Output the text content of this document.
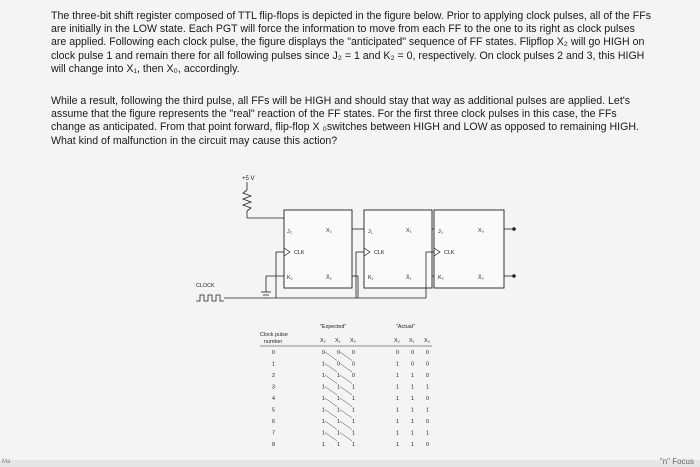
The three-bit shift register composed of TTL flip-flops is depicted in the figure below. Prior to applying clock pulses, all of the FFs are initially in the LOW state. Each PGT will force the information to move from each FF to the one to its right as clock pulses are applied. Following each clock pulse, the figure displays the "anticipated" sequence of FF states. Flipflop X₂ will go HIGH on clock pulse 1 and remain there for all following pulses since J₂ = 1 and K₂ = 0, respectively. On clock pulses 2 and 3, this HIGH will change into X₁, then X₀, accordingly.

While a result, following the third pulse, all FFs will be HIGH and should stay that way as additional pulses are applied. Let's assume that the figure represents the "real" reaction of the FF states. For the first three clock pulses in this case, the FFs change as anticipated. From that point forward, flip-flop X ₀switches between HIGH and LOW as opposed to remaining HIGH. What kind of malfunction in the circuit may cause this action?

+5 V
J₂	X₂
CLK
K₂	X̄₂
J₁	X₁
CLK
K₁	X̄₁
J₀	X₀
CLK
K₀	X̄₀
CLOCK
Clock pulse
number
"Expected"	"Actual"
X₂ X₁ X₀	X₂ X₁ X₀
0	0 0 0	0 0 0
1	1 0 0	1 0 0
2	1 1 0	1 1 0
3	1 1 1	1 1 1
4	1 1 1	1 1 0
5	1 1 1	1 1 1
6	1 1 1	1 1 0
7	1 1 1	1 1 1
8	1 1 1	1 1 0
Ma	"n" Focus
